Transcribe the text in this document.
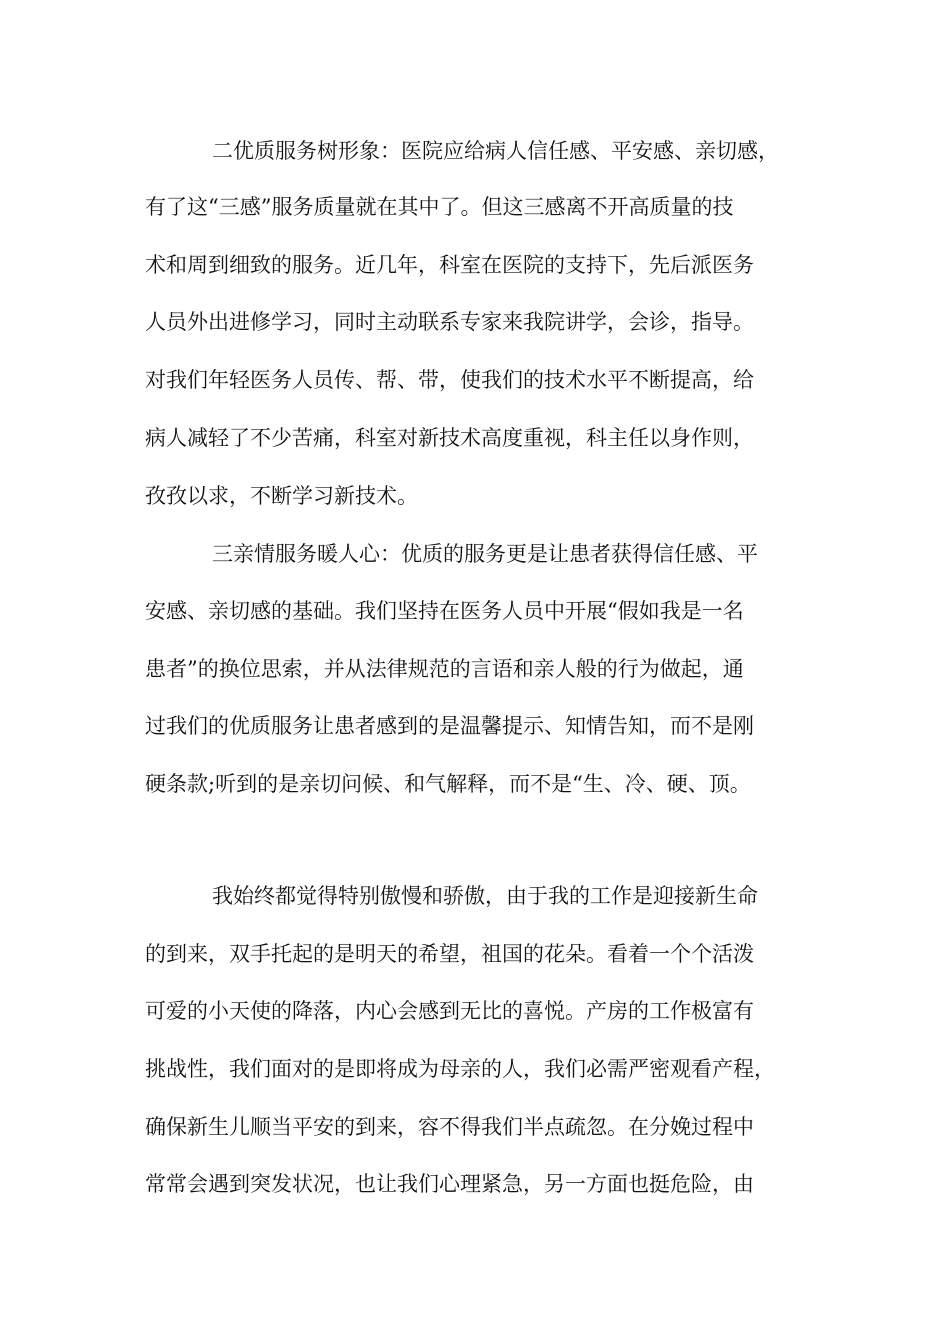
二优质服务树形象：医院应给病人信任感、平安感、亲切感，

有了这“三感”服务质量就在其中了。但这三感离不开高质量的技

术和周到细致的服务。近几年，科室在医院的支持下，先后派医务

人员外出进修学习，同时主动联系专家来我院讲学，会诊，指导。

对我们年轻医务人员传、帮、带，使我们的技术水平不断提高，给

病人减轻了不少苦痛，科室对新技术高度重视，科主任以身作则，

孜孜以求，不断学习新技术。

三亲情服务暖人心：优质的服务更是让患者获得信任感、平

安感、亲切感的基础。我们坚持在医务人员中开展“假如我是一名

患者”的换位思索，并从法律规范的言语和亲人般的行为做起，通

过我们的优质服务让患者感到的是温馨提示、知情告知，而不是刚

硬条款;听到的是亲切问候、和气解释，而不是“生、冷、硬、顶。

我始终都觉得特别傲慢和骄傲，由于我的工作是迎接新生命

的到来，双手托起的是明天的希望，祖国的花朵。看着一个个活泼

可爱的小天使的降落，内心会感到无比的喜悦。产房的工作极富有

挑战性，我们面对的是即将成为母亲的人，我们必需严密观看产程，

确保新生儿顺当平安的到来，容不得我们半点疏忽。在分娩过程中

常常会遇到突发状况，也让我们心理紧急，另一方面也挺危险，由
